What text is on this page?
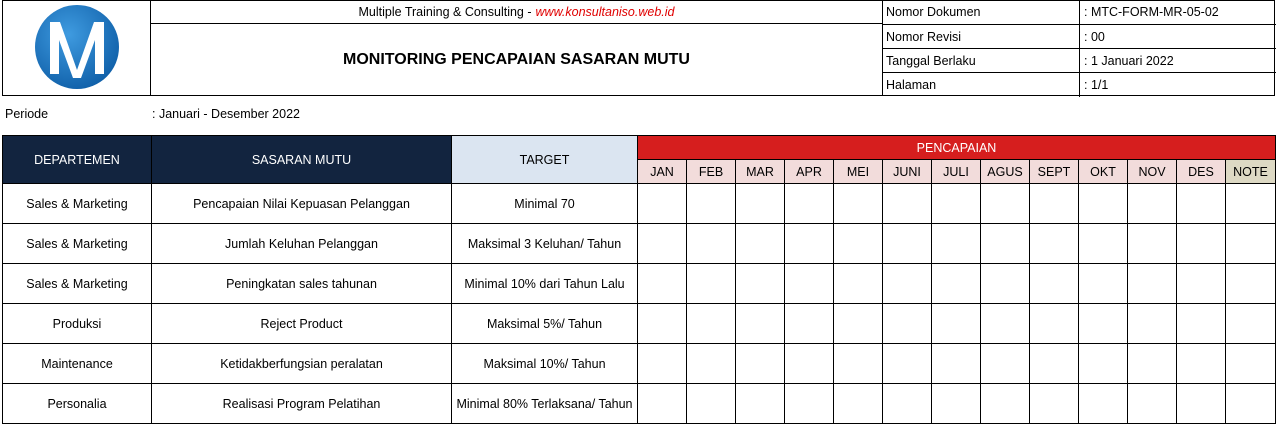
Multiple Training & Consulting - www.konsultaniso.web.id
MONITORING PENCAPAIAN SASARAN MUTU
Nomor Dokumen	: MTC-FORM-MR-05-02
Nomor Revisi	: 00
Tanggal Berlaku	: 1 Januari 2022
Halaman	: 1/1
Periode	: Januari - Desember 2022
DEPARTEMEN	SASARAN MUTU	TARGET	PENCAPAIAN												
			JAN	FEB	MAR	APR	MEI	JUNI	JULI	AGUS	SEPT	OKT	NOV	DES	NOTE
Sales & Marketing	Pencapaian Nilai Kepuasan Pelanggan	Minimal 70													
Sales & Marketing	Jumlah Keluhan Pelanggan	Maksimal 3 Keluhan/ Tahun													
Sales & Marketing	Peningkatan sales tahunan	Minimal 10% dari Tahun Lalu													
Produksi	Reject Product	Maksimal 5%/ Tahun													
Maintenance	Ketidakberfungsian peralatan	Maksimal 10%/ Tahun													
Personalia	Realisasi Program Pelatihan	Minimal 80% Terlaksana/ Tahun													
